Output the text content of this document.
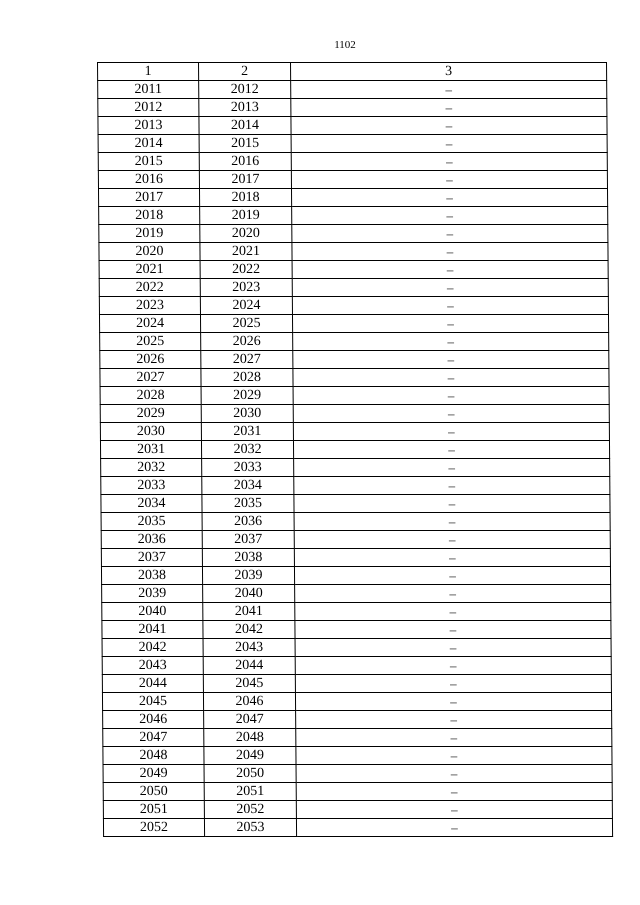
1102
1	2	3
2011	2012	–
2012	2013	–
2013	2014	–
2014	2015	–
2015	2016	–
2016	2017	–
2017	2018	–
2018	2019	–
2019	2020	–
2020	2021	–
2021	2022	–
2022	2023	–
2023	2024	–
2024	2025	–
2025	2026	–
2026	2027	–
2027	2028	–
2028	2029	–
2029	2030	–
2030	2031	–
2031	2032	–
2032	2033	–
2033	2034	–
2034	2035	–
2035	2036	–
2036	2037	–
2037	2038	–
2038	2039	–
2039	2040	–
2040	2041	–
2041	2042	–
2042	2043	–
2043	2044	–
2044	2045	–
2045	2046	–
2046	2047	–
2047	2048	–
2048	2049	–
2049	2050	–
2050	2051	–
2051	2052	–
2052	2053	–
